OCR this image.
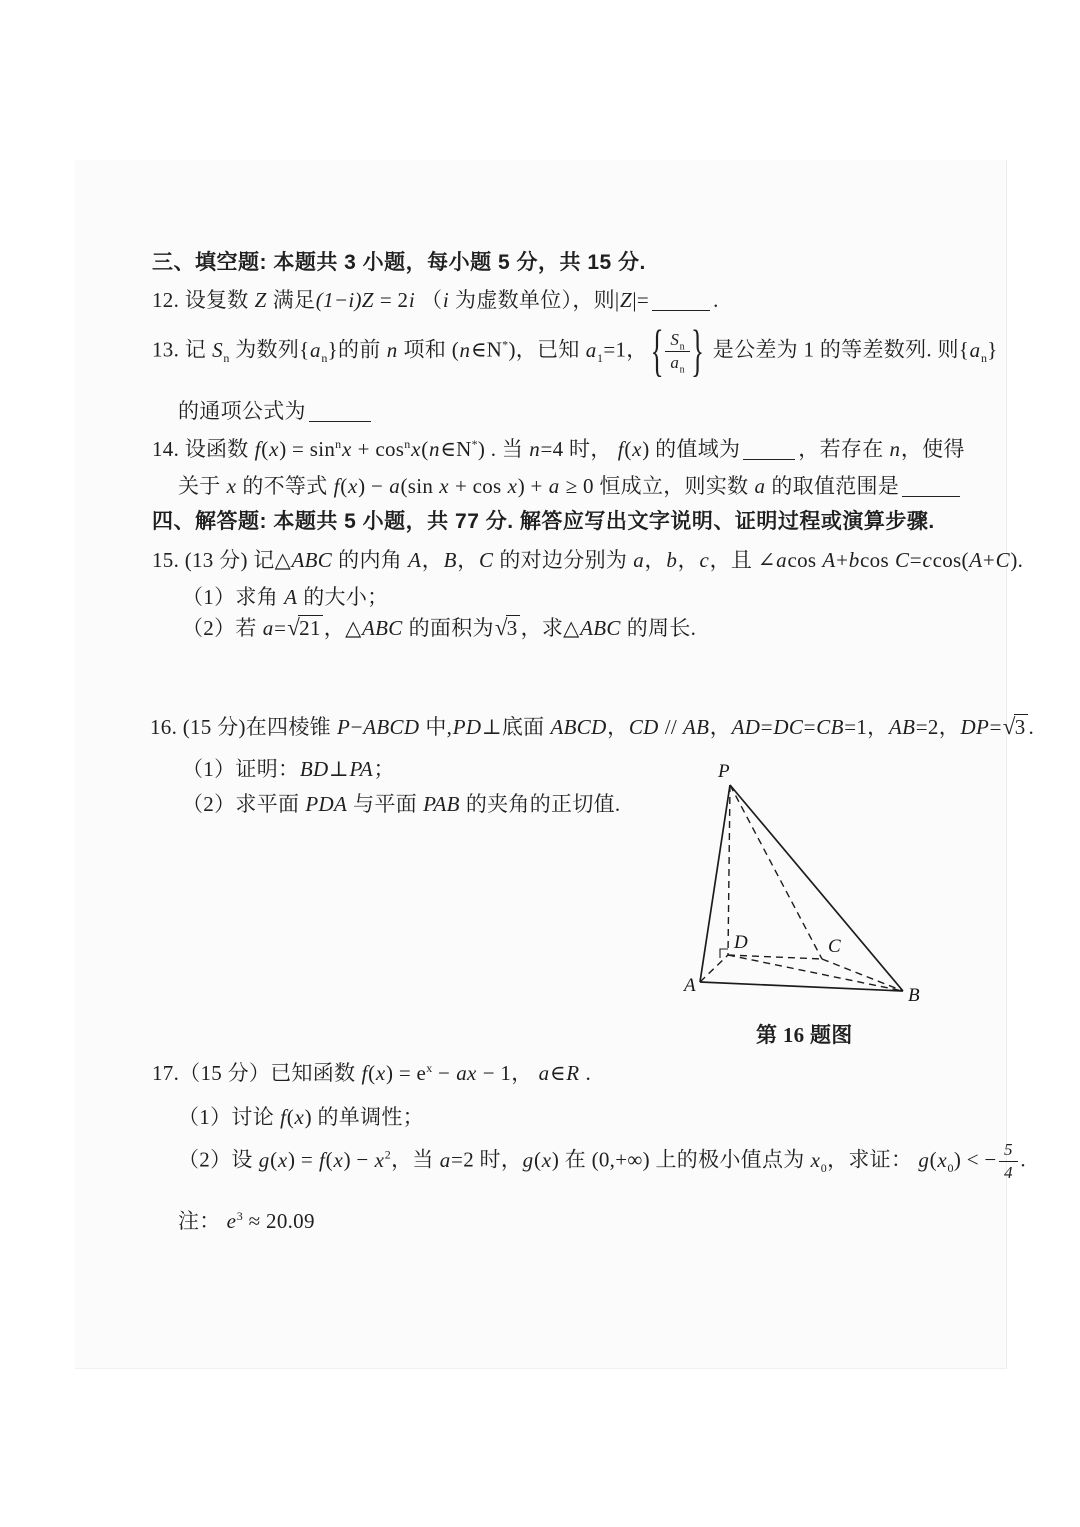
三、填空题: 本题共 3 小题，每小题 5 分，共 15 分.
12. 设复数 Z 满足(1−i)Z = 2i （i 为虚数单位），则|Z|=	.
13. 记 $S_n$ 为数列$\{a_n\}$的前 n 项和 (n∈N*)，已知 $a_1=1$， { $\frac{S_n}{a_n}$ } 是公差为 1 的等差数列. 则$\{a_n\}$
的通项公式为
14. 设函数 $f(x) = \sin^nx$ + $\cos^nx(n\in N^*)$ . 当 n=4 时， f(x) 的值域为	，若存在 n，使得
关于 x 的不等式 f(x) − a(sin x + cos x) + a ≥ 0 恒成立，则实数 a 的取值范围是
四、解答题: 本题共 5 小题，共 77 分. 解答应写出文字说明、证明过程或演算步骤.
15. (13 分) 记△ABC 的内角 A，B，C 的对边分别为 a，b，c，且 ∠acos A+bcos C=ccos(A+C).
（1）求角 A 的大小；
（2）若 a=√21 ，△ABC 的面积为√3 ，求△ABC 的周长.
16. (15 分)在四棱锥 P−ABCD 中,PD⊥底面 ABCD，CD // AB，AD=DC=CB=1，AB=2，DP=√3 .
（1）证明：BD⊥PA；
（2）求平面 PDA 与平面 PAB 的夹角的正切值.
P
A	B
C
D
第 16 题图
17.（15 分）已知函数 $f(x) = e^x$ − ax − 1， a∈R .
（1）讨论 f(x) 的单调性；
（2）设 $g(x) = f(x) - x^2$，当 a=2 时，g(x) 在 (0,+∞) 上的极小值点为 $x_0$，求证： $g(x_0)$ < − $\frac{5}{4}$ .
注： $e^3 \approx 20.09$
